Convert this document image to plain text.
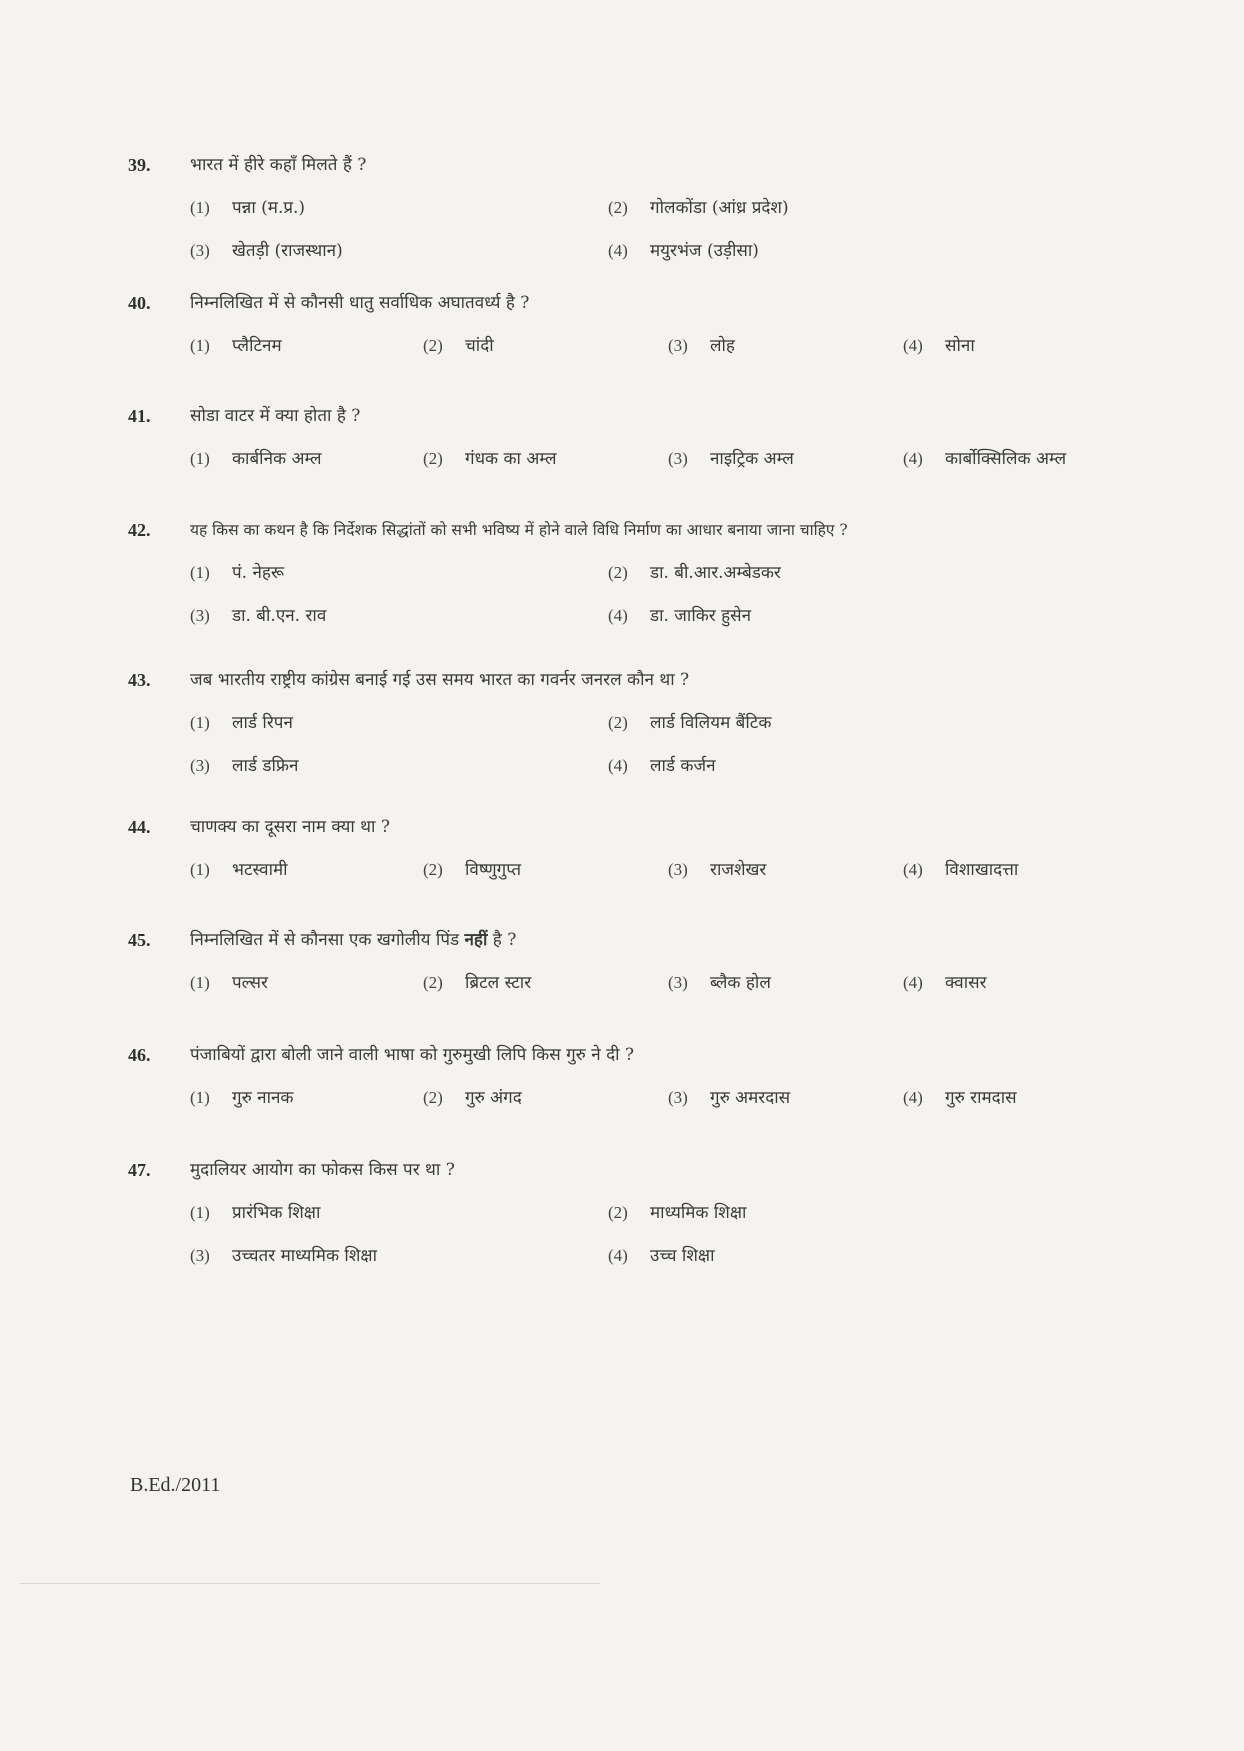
39. भारत में हीरे कहाँ मिलते हैं ?
(1) पन्ना (म.प्र.)	(2) गोलकोंडा (आंध्र प्रदेश)
(3) खेतड़ी (राजस्थान)	(4) मयुरभंज (उड़ीसा)
40. निम्नलिखित में से कौनसी धातु सर्वाधिक अघातवर्ध्य है ?
(1) प्लैटिनम	(2) चांदी	(3) लोह	(4) सोना
41. सोडा वाटर में क्या होता है ?
(1) कार्बनिक अम्ल	(2) गंधक का अम्ल	(3) नाइट्रिक अम्ल	(4) कार्बोक्सिलिक अम्ल
42.	यह किस का कथन है कि निर्देशक सिद्धांतों को सभी भविष्य में होने वाले विधि निर्माण का आधार बनाया जाना चाहिए ?
(1) पं. नेहरू	(2) डा. बी.आर.अम्बेडकर
(3) डा. बी.एन. राव	(4) डा. जाकिर हुसेन
43. जब भारतीय राष्ट्रीय कांग्रेस बनाई गई उस समय भारत का गवर्नर जनरल कौन था ?
(1) लार्ड रिपन	(2) लार्ड विलियम बैंटिक
(3) लार्ड डफ्रिन	(4) लार्ड कर्जन
44. चाणक्य का दूसरा नाम क्या था ?
(1) भटस्वामी	(2) विष्णुगुप्त	(3) राजशेखर	(4) विशाखादत्ता
45. निम्नलिखित में से कौनसा एक खगोलीय पिंड नहीं है ?
(1) पल्सर	(2) ब्रिटल स्टार	(3) ब्लैक होल	(4) क्वासर
46. पंजाबियों द्वारा बोली जाने वाली भाषा को गुरुमुखी लिपि किस गुरु ने दी ?
(1) गुरु नानक	(2) गुरु अंगद	(3) गुरु अमरदास	(4) गुरु रामदास
47. मुदालियर आयोग का फोकस किस पर था ?
(1) प्रारंभिक शिक्षा	(2) माध्यमिक शिक्षा
(3) उच्चतर माध्यमिक शिक्षा	(4) उच्च शिक्षा
B.Ed./2011
